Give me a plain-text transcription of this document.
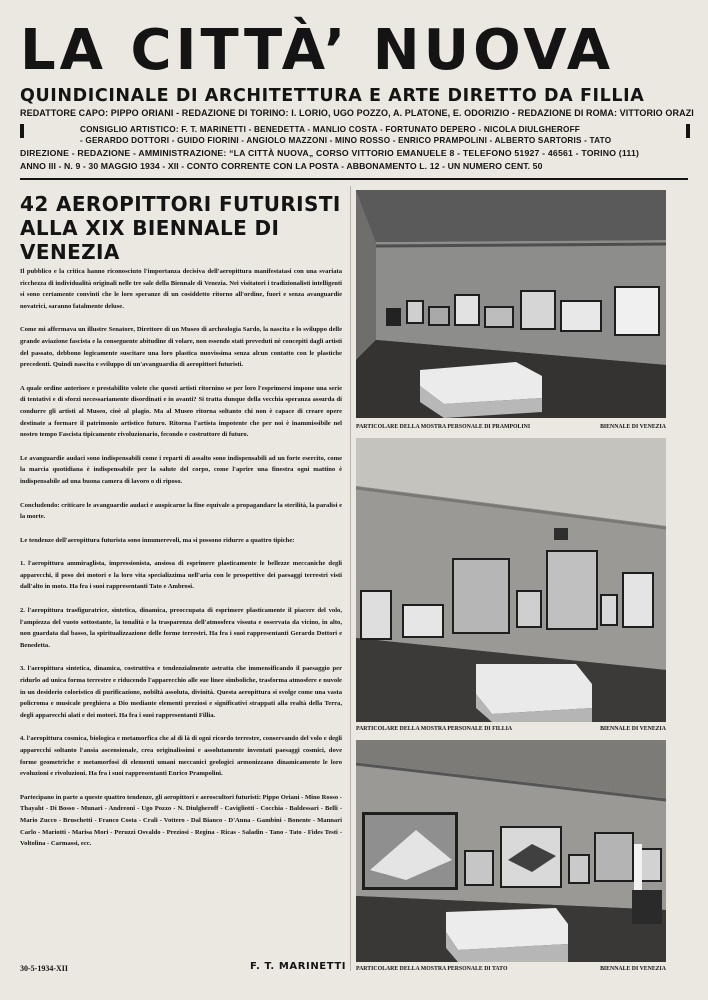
LA CITTÀ’ NUOVA
QUINDICINALE DI ARCHITETTURA E ARTE DIRETTO DA FILLIA
REDATTORE CAPO: PIPPO ORIANI - REDAZIONE DI TORINO: I. LORIO, UGO POZZO, A. PLATONE, E. ODORIZIO - REDAZIONE DI ROMA: VITTORIO ORAZI
CONSIGLIO ARTISTICO: F. T. MARINETTI - BENEDETTA - MANLIO COSTA - FORTUNATO DEPERO - NICOLA DIULGHEROFF
- GERARDO DOTTORI - GUIDO FIORINI - ANGIOLO MAZZONI - MINO ROSSO - ENRICO PRAMPOLINI - ALBERTO SARTORIS - TATO
DIREZIONE - REDAZIONE - AMMINISTRAZIONE: “LA CITTÀ NUOVA„ CORSO VITTORIO EMANUELE 8 - TELEFONO 51927 - 46561 - TORINO (111)
ANNO III - N. 9 - 30 MAGGIO 1934 - XII - CONTO CORRENTE CON LA POSTA - ABBONAMENTO L. 12 - UN NUMERO CENT. 50
42 AEROPITTORI FUTURISTI
ALLA XIX BIENNALE DI VENEZIA

Il pubblico e la critica hanno riconosciuto l'importanza decisiva dell'aeropittura manifestatasi con una svariata ricchezza di individualità originali nelle tre sale della Biennale di Venezia. Nei visitatori i tradizionalisti intelligenti si sono certamente convinti che le loro speranze di un cosiddetto ritorno all'ordine, fuori e senza avanguardie novatrici, saranno fatalmente deluse.

Come mi affermava un illustre Senatore, Direttore di un Museo di archeologia Sardo, la nascita e lo sviluppo delle grande aviazione fascista e la conseguente abitudine di volare, non essendo stati preveduti nè concepiti dagli artisti del passato, debbono logicamente suscitare una loro plastica nuovissima senza alcun contatto con le plastiche precedenti. Quindi nascita e sviluppo di un'avanguardia di aeropittori futuristi.

A quale ordine anteriore e prestabilito volete che questi artisti ritornino se per loro l'esprimersi impone una serie di tentativi e di sforzi necessariamente disordinati e in avanti? Si tratta dunque della vecchia speranza assurda di condurre gli artisti al Museo, cioè al plagio. Ma al Museo ritorna soltanto chi non è capace di creare opere destinate a formare il patrimonio artistico futuro. Ritorna l'artista impotente che per noi è inammissibile nel nostro tempo Fascista tipicamente rivoluzionario, fecondo e costruttore di futuro.

Le avanguardie audaci sono indispensabili come i reparti di assalto sono indispensabili ad un forte esercito, come la marcia quotidiana è indispensabile per la salute del corpo, come l'aprire una finestra ogni mattino è indispensabile ad una buona camera di lavoro o di riposo.

Concludendo: criticare le avanguardie audaci e auspicarne la fine equivale a propagandare la sterilità, la paralisi e la morte.

Le tendenze dell'aeropittura futurista sono innumerevoli, ma si possono ridurre a quattro tipiche:

1. l'aeropittura ammiraglista, impressionista, ansiosa di esprimere plasticamente le bellezze meccaniche degli apparecchi, il peso dei motori e la loro vita specializzima nell'aria con le prospettive dei paesaggi terrestri visti dall'alto in moto. Ha fra i suoi rappresentanti Tato e Ambrosi.

2. l'aeropittura trasfiguratrice, sintetica, dinamica, preoccupata di esprimere plasticamente il piacere del volo, l'ampiezza del vuoto sottostante, la tonalità e la trasparenza dell'atmosfera vissuta e osservata da vicino, in alto, non guardata dal basso, la spiritualizzazione delle forme terrestri. Ha fra i suoi rappresentanti Gerardo Dottori e Benedetta.

3. l'aeropittura sintetica, dinamica, costruttiva e tendenzialmente astratta che immensificando il paesaggio per ridurlo ad unica forma terrestre e riducendo l'apparecchio alle sue linee simboliche, trasforma atmosfere e nuvole in un desiderio coloristico di purificazione, nobiltà assoluta, divinità. Questa aeropittura si svolge come una vasta policroma e musicale preghiera a Dio mediante elementi preziosi e significativi strappati alla realtà della Terra, degli apparecchi alati e dei motori. Ha fra i suoi rappresentanti Fillia.

4. l'aeropittura cosmica, biologica e metamorfica che al di là di ogni ricordo terrestre, conservando del volo e degli apparecchi soltanto l'ansia ascensionale, crea originalissimi e assolutamente inventati paesaggi cosmici, dove forme geometriche e metamorfosi di elementi umani meccanici geologici armonizzano dinamicamente le loro evoluzioni e rivoluzioni. Ha fra i suoi rappresentanti Enrico Prampolini.

Partecipano in parte a queste quattro tendenze, gli aeropittori e aeroscultori futuristi: Pippo Oriani - Mino Rosso - Thayaht - Di Bosso - Munari - Andreoni - Ugo Pozzo - N. Diulgheroff - Cavigliotti - Cocchia - Baldessari - Belli - Mario Zucco - Bruschetti - Franco Costa - Crali - Vottero - Dal Bianco - D'Anna - Gambini - Bonente - Mannari Carlo - Mariotti - Marisa Mori - Peruzzi Osvaldo - Preziosi - Regina - Ricas - Saladin - Tano - Tato - Fides Testi - Voltolina - Carmassi, ecc.

30-5-1934-XII	F. T. MARINETTI
PARTICOLARE DELLA MOSTRA PERSONALE DI PRAMPOLINI	BIENNALE DI VENEZIA
PARTICOLARE DELLA MOSTRA PERSONALE DI FILLIA	BIENNALE DI VENEZIA
PARTICOLARE DELLA MOSTRA PERSONALE DI TATO	BIENNALE DI VENEZIA
